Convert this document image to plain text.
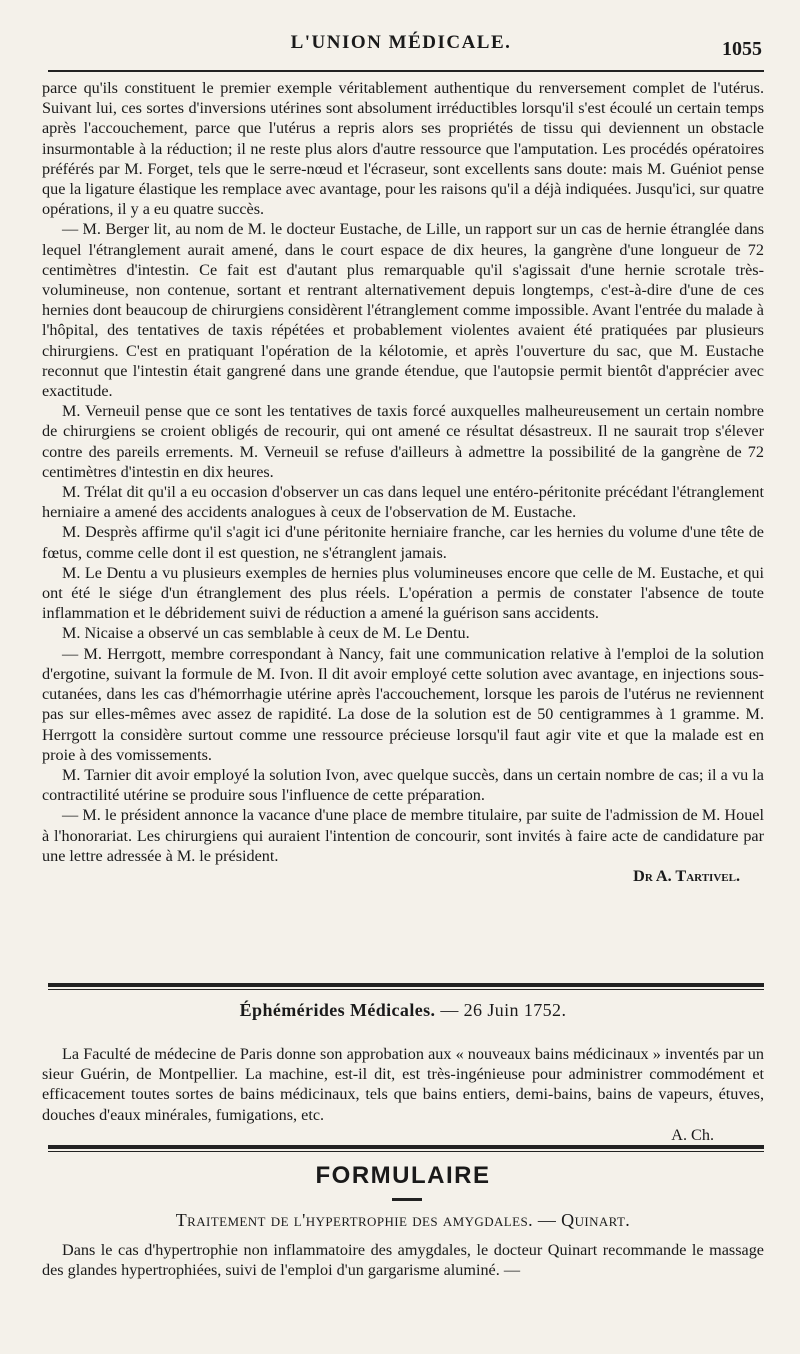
L'UNION MÉDICALE.	1055

parce qu'ils constituent le premier exemple véritablement authentique du renversement complet de l'utérus. Suivant lui, ces sortes d'inversions utérines sont absolument irréductibles lorsqu'il s'est écoulé un certain temps après l'accouchement, parce que l'utérus a repris alors ses propriétés de tissu qui deviennent un obstacle insurmontable à la réduction; il ne reste plus alors d'autre ressource que l'amputation. Les procédés opératoires préférés par M. Forget, tels que le serre-nœud et l'écraseur, sont excellents sans doute: mais M. Guéniot pense que la ligature élastique les remplace avec avantage, pour les raisons qu'il a déjà indiquées. Jusqu'ici, sur quatre opérations, il y a eu quatre succès.

— M. Berger lit, au nom de M. le docteur Eustache, de Lille, un rapport sur un cas de hernie étranglée dans lequel l'étranglement aurait amené, dans le court espace de dix heures, la gangrène d'une longueur de 72 centimètres d'intestin. Ce fait est d'autant plus remarquable qu'il s'agissait d'une hernie scrotale très-volumineuse, non contenue, sortant et rentrant alternativement depuis longtemps, c'est-à-dire d'une de ces hernies dont beaucoup de chirurgiens considèrent l'étranglement comme impossible. Avant l'entrée du malade à l'hôpital, des tentatives de taxis répétées et probablement violentes avaient été pratiquées par plusieurs chirurgiens. C'est en pratiquant l'opération de la kélotomie, et après l'ouverture du sac, que M. Eustache reconnut que l'intestin était gangrené dans une grande étendue, que l'autopsie permit bientôt d'apprécier avec exactitude.

M. Verneuil pense que ce sont les tentatives de taxis forcé auxquelles malheureusement un certain nombre de chirurgiens se croient obligés de recourir, qui ont amené ce résultat désastreux. Il ne saurait trop s'élever contre des pareils errements. M. Verneuil se refuse d'ailleurs à admettre la possibilité de la gangrène de 72 centimètres d'intestin en dix heures.

M. Trélat dit qu'il a eu occasion d'observer un cas dans lequel une entéro-péritonite précédant l'étranglement herniaire a amené des accidents analogues à ceux de l'observation de M. Eustache.

M. Desprès affirme qu'il s'agit ici d'une péritonite herniaire franche, car les hernies du volume d'une tête de fœtus, comme celle dont il est question, ne s'étranglent jamais.

M. Le Dentu a vu plusieurs exemples de hernies plus volumineuses encore que celle de M. Eustache, et qui ont été le siége d'un étranglement des plus réels. L'opération a permis de constater l'absence de toute inflammation et le débridement suivi de réduction a amené la guérison sans accidents.

M. Nicaise a observé un cas semblable à ceux de M. Le Dentu.

— M. Herrgott, membre correspondant à Nancy, fait une communication relative à l'emploi de la solution d'ergotine, suivant la formule de M. Ivon. Il dit avoir employé cette solution avec avantage, en injections sous-cutanées, dans les cas d'hémorrhagie utérine après l'accouchement, lorsque les parois de l'utérus ne reviennent pas sur elles-mêmes avec assez de rapidité. La dose de la solution est de 50 centigrammes à 1 gramme. M. Herrgott la considère surtout comme une ressource précieuse lorsqu'il faut agir vite et que la malade est en proie à des vomissements.

M. Tarnier dit avoir employé la solution Ivon, avec quelque succès, dans un certain nombre de cas; il a vu la contractilité utérine se produire sous l'influence de cette préparation.

— M. le président annonce la vacance d'une place de membre titulaire, par suite de l'admission de M. Houel à l'honorariat. Les chirurgiens qui auraient l'intention de concourir, sont invités à faire acte de candidature par une lettre adressée à M. le président.

Dr A. Tartivel.

Éphémérides Médicales. — 26 Juin 1752.

La Faculté de médecine de Paris donne son approbation aux « nouveaux bains médicinaux » inventés par un sieur Guérin, de Montpellier. La machine, est-il dit, est très-ingénieuse pour administrer commodément et efficacement toutes sortes de bains médicinaux, tels que bains entiers, demi-bains, bains de vapeurs, étuves, douches d'eaux minérales, fumigations, etc.

A. Ch.

FORMULAIRE
Traitement de l'hypertrophie des amygdales. — Quinart.

Dans le cas d'hypertrophie non inflammatoire des amygdales, le docteur Quinart recommande le massage des glandes hypertrophiées, suivi de l'emploi d'un gargarisme aluminé. —
